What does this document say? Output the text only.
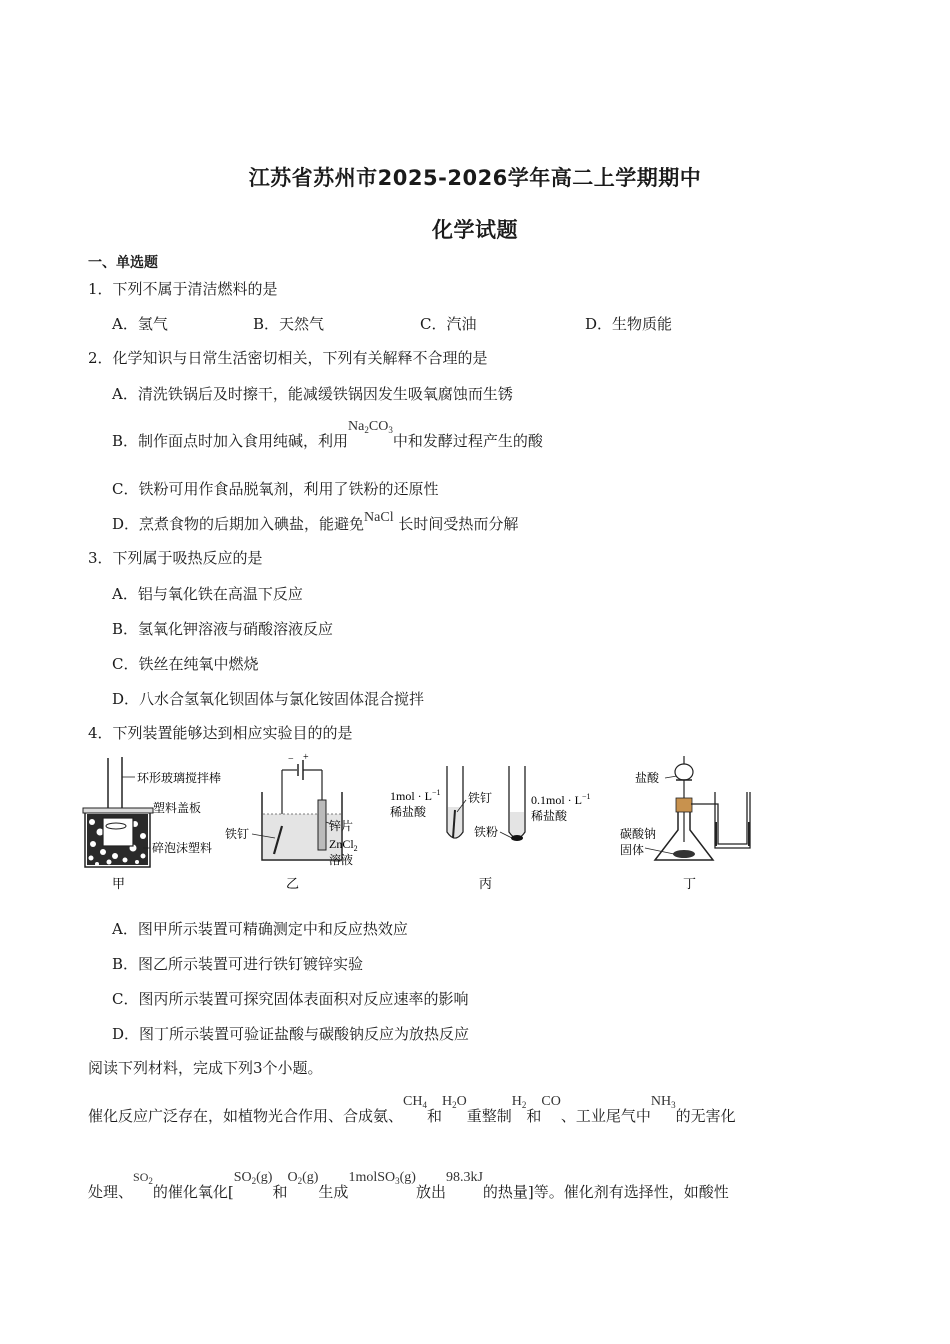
江苏省苏州市2025-2026学年高二上学期期中
化学试题
一、单选题
1．下列不属于清洁燃料的是
A．氢气	B．天然气	C．汽油	D．生物质能
2．化学知识与日常生活密切相关，下列有关解释不合理的是
A．清洗铁锅后及时擦干，能减缓铁锅因发生吸氧腐蚀而生锈
B．制作面点时加入食用纯碱，利用$Na_2CO_3$中和发酵过程产生的酸
C．铁粉可用作食品脱氧剂，利用了铁粉的还原性
D．烹煮食物的后期加入碘盐，能避免NaCl 长时间受热而分解
3．下列属于吸热反应的是
A．铝与氧化铁在高温下反应
B．氢氧化钾溶液与硝酸溶液反应
C．铁丝在纯氧中燃烧
D．八水合氢氧化钡固体与氯化铵固体混合搅拌
4．下列装置能够达到相应实验目的的是
环形玻璃搅拌棒
塑料盖板
碎泡沫塑料
甲
− +
铁钉
锌片
ZnCl$_2$
溶液
乙
$1mol \cdot L^{-1}$
稀盐酸
铁钉
铁粉
$0.1mol \cdot L^{-1}$
稀盐酸
丙
盐酸
碳酸钠
固体
丁
A．图甲所示装置可精确测定中和反应热效应
B．图乙所示装置可进行铁钉镀锌实验
C．图丙所示装置可探究固体表面积对反应速率的影响
D．图丁所示装置可验证盐酸与碳酸钠反应为放热反应
阅读下列材料，完成下列3个小题。
催化反应广泛存在，如植物光合作用、合成氨、$CH_4$和$H_2O$重整制$H_2$和CO、工业尾气中$NH_3$的无害化
处理、$^{SO_2}$的催化氧化[$SO_2(g)$和$O_2(g)$生成1molSO$_3$(g)放出98.3kJ的热量]等。催化剂有选择性，如酸性
